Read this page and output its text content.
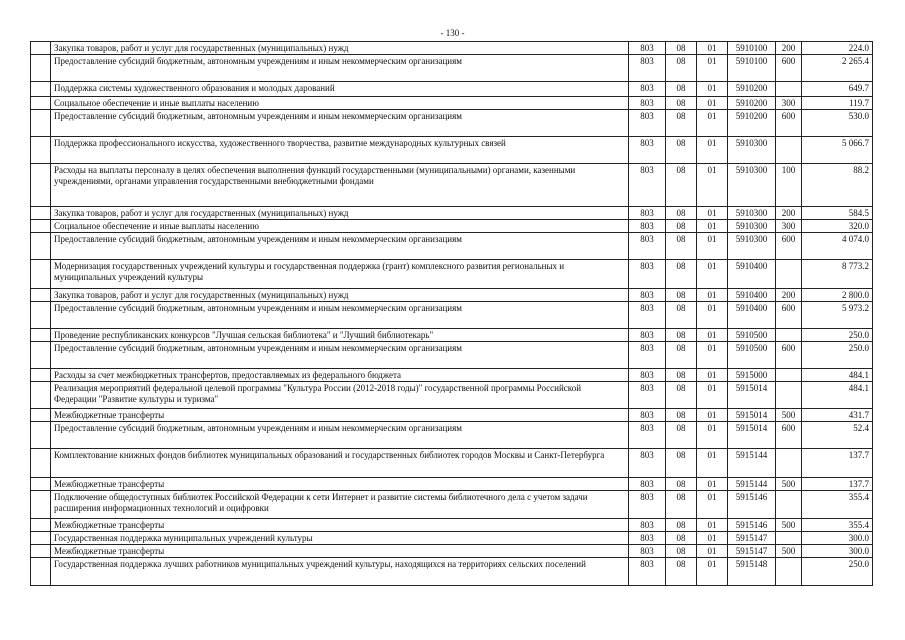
- 130 -
	Закупка товаров, работ и услуг для государственных (муниципальных) нужд	803	08	01	5910100	200	224.0
	Предоставление субсидий бюджетным, автономным учреждениям и иным некоммерческим организациям	803	08	01	5910100	600	2 265.4
	Поддержка системы художественного образования и молодых дарований	803	08	01	5910200		649.7
	Социальное обеспечение и иные выплаты населению	803	08	01	5910200	300	119.7
	Предоставление субсидий бюджетным, автономным учреждениям и иным некоммерческим организациям	803	08	01	5910200	600	530.0
	Поддержка профессионального искусства, художественного творчества, развитие международных культурных связей	803	08	01	5910300		5 066.7
	Расходы на выплаты персоналу в целях обеспечения выполнения функций государственными (муниципальными) органами, казенными учреждениями, органами управления государственными внебюджетными фондами	803	08	01	5910300	100	88.2
	Закупка товаров, работ и услуг для государственных (муниципальных) нужд	803	08	01	5910300	200	584.5
	Социальное обеспечение и иные выплаты населению	803	08	01	5910300	300	320.0
	Предоставление субсидий бюджетным, автономным учреждениям и иным некоммерческим организациям	803	08	01	5910300	600	4 074.0
	Модернизация государственных учреждений культуры и государственная поддержка (грант) комплексного развития региональных и муниципальных учреждений культуры	803	08	01	5910400		8 773.2
	Закупка товаров, работ и услуг для государственных (муниципальных) нужд	803	08	01	5910400	200	2 800.0
	Предоставление субсидий бюджетным, автономным учреждениям и иным некоммерческим организациям	803	08	01	5910400	600	5 973.2
	Проведение республиканских конкурсов "Лучшая сельская библиотека" и "Лучший библиотекарь"	803	08	01	5910500		250.0
	Предоставление субсидий бюджетным, автономным учреждениям и иным некоммерческим организациям	803	08	01	5910500	600	250.0
	Расходы за счет межбюджетных трансфертов, предоставляемых из федерального бюджета	803	08	01	5915000		484.1
	Реализация мероприятий федеральной целевой программы "Культура России (2012-2018 годы)" государственной программы Российской Федерации "Развитие культуры и туризма"	803	08	01	5915014		484.1
	Межбюджетные трансферты	803	08	01	5915014	500	431.7
	Предоставление субсидий бюджетным, автономным учреждениям и иным некоммерческим организациям	803	08	01	5915014	600	52.4
	Комплектование книжных фондов библиотек муниципальных образований и государственных библиотек городов Москвы и Санкт-Петербурга	803	08	01	5915144		137.7
	Межбюджетные трансферты	803	08	01	5915144	500	137.7
	Подключение общедоступных библиотек Российской Федерации к сети Интернет и развитие системы библиотечного дела с учетом задачи расширения информационных технологий и оцифровки	803	08	01	5915146		355.4
	Межбюджетные трансферты	803	08	01	5915146	500	355.4
	Государственная поддержка муниципальных учреждений культуры	803	08	01	5915147		300.0
	Межбюджетные трансферты	803	08	01	5915147	500	300.0
	Государственная поддержка лучших работников муниципальных учреждений культуры, находящихся на территориях сельских поселений	803	08	01	5915148		250.0
